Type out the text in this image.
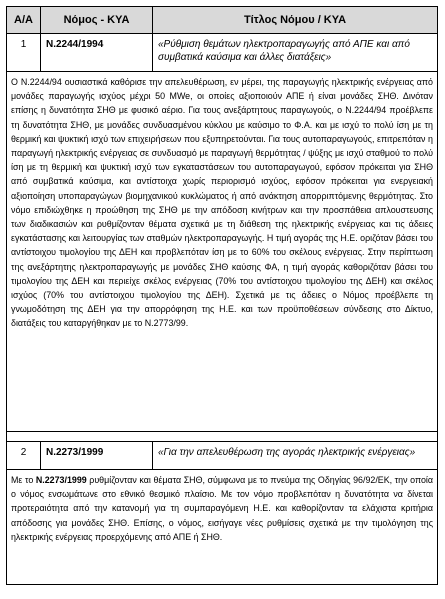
Α/Α	Νόμος - ΚΥΑ	Τίτλος Νόμου / ΚΥΑ
1	N.2244/1994	«Ρύθμιση θεμάτων ηλεκτροπαραγωγής από ΑΠΕ και από συμβατικά καύσιμα και άλλες διατάξεις»
Ο Ν.2244/94 ουσιαστικά καθόρισε την απελευθέρωση, εν μέρει, της παραγωγής ηλεκτρικής ενέργειας από μονάδες παραγωγής ισχύος μέχρι 50 MWe, οι οποίες αξιοποιούν ΑΠΕ ή είναι μονάδες ΣΗΘ. Δινόταν επίσης η δυνατότητα ΣΗΘ με φυσικό αέριο. Για τους ανεξάρτητους παραγωγούς, ο Ν.2244/94 προέβλεπε τη δυνατότητα ΣΗΘ, με μονάδες συνδυασμένου κύκλου με καύσιμο το Φ.Α. και με ισχύ το πολύ ίση με τη θερμική και ψυκτική ισχύ των επιχειρήσεων που εξυπηρετούνται. Για τους αυτοπαραγωγούς, επιτρεπόταν η παραγωγή ηλεκτρικής ενέργειας σε συνδυασμό με παραγωγή θερμότητας / ψύξης με ισχύ σταθμού το πολύ ίση με τη θερμική και ψυκτική ισχύ των εγκαταστάσεων του αυτοπαραγωγού, εφόσον πρόκειται για ΣΗΘ από συμβατικά καύσιμα, και αντίστοιχα χωρίς περιορισμό ισχύος, εφόσον πρόκειται για ενεργειακή αξιοποίηση υποπαραγώγων βιομηχανικού κυκλώματος ή από ανάκτηση απορριπτόμενης θερμότητας. Στο νόμο επιδιώχθηκε η προώθηση της ΣΗΘ με την απόδοση κινήτρων και την προσπάθεια απλουστευσης των διαδικασιών και ρυθμίζονταν θέματα σχετικά με τη διάθεση της ηλεκτρικής ενέργειας και τις άδειες εγκατάστασης και λειτουργίας των σταθμών ηλεκτροπαραγωγής. Η τιμή αγοράς της Η.Ε. οριζόταν βάσει του αντίστοιχου τιμολογίου της ΔΕΗ και προβλεπόταν ίση με το 60% του σκέλους ενέργειας. Στην περίπτωση της ανεξάρτητης ηλεκτροπαραγωγής με μονάδες ΣΗΘ καύσης ΦΑ, η τιμή αγοράς καθοριζόταν βάσει του τιμολογίου της ΔΕΗ και περιείχε σκέλος ενέργειας (70% του αντίστοιχου τιμολογίου της ΔΕΗ) και σκέλος ισχύος (70% του αντίστοιχου τιμολογίου της ΔΕΗ). Σχετικά με τις άδειες ο Νόμος προέβλεπε τη γνωμοδότηση της ΔΕΗ για την απορρόφηση της Η.Ε. και των προϋποθέσεων σύνδεσης στο Δίκτυο, διατάξεις του καταργήθηκαν με το Ν.2773/99.
2	N.2273/1999	«Για την απελευθέρωση της αγοράς ηλεκτρικής ενέργειας»
Με το Ν.2273/1999 ρυθμίζονταν και θέματα ΣΗΘ, σύμφωνα με το πνεύμα της Οδηγίας 96/92/ΕΚ, την οποία ο νόμος ενσωμάτωνε στο εθνικό θεσμικό πλαίσιο. Με τον νόμο προβλεπόταν η δυνατότητα να δίνεται προτεραιότητα από την κατανομή για τη συμπαραγόμενη Η.Ε. και καθορίζονταν τα ελάχιστα κριτήρια απόδοσης για μονάδες ΣΗΘ. Επίσης, ο νόμος, εισήγαγε νέες ρυθμίσεις σχετικά με την τιμολόγηση της ηλεκτρικής ενέργειας προερχόμενης από ΑΠΕ ή ΣΗΘ.
